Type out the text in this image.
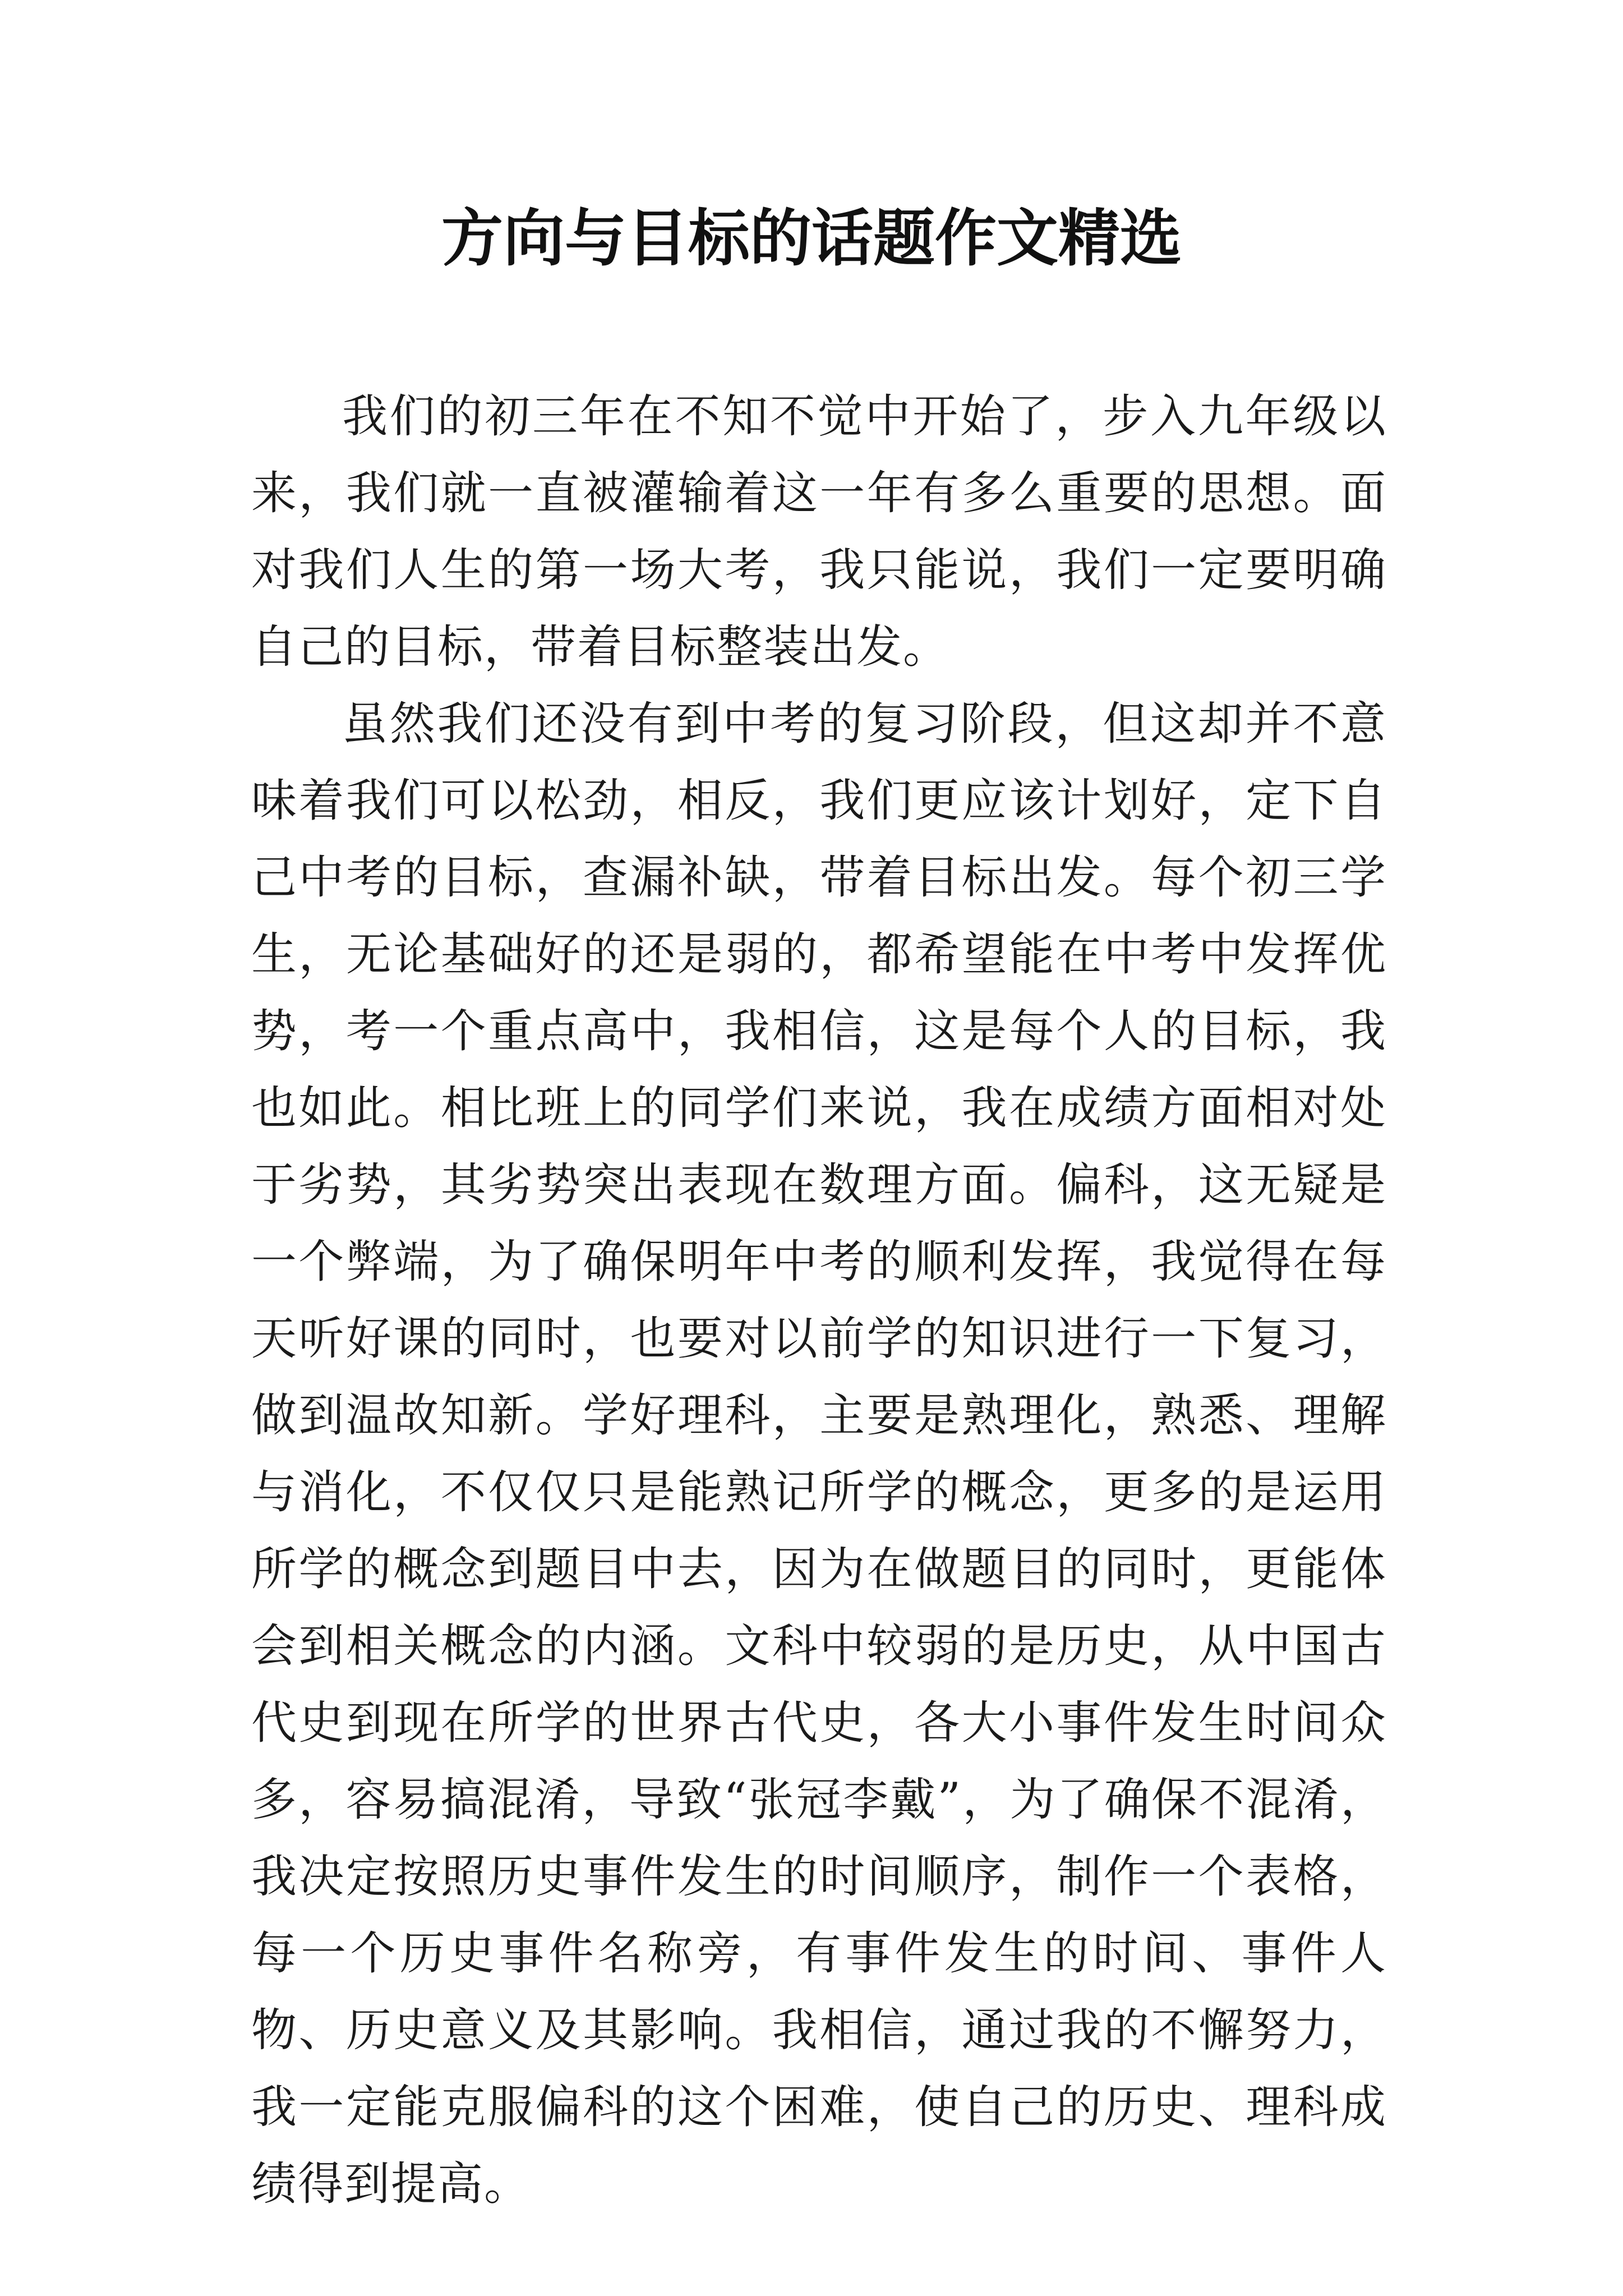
方向与目标的话题作文精选

我们的初三年在不知不觉中开始了，步入九年级以来，我们就一直被灌输着这一年有多么重要的思想。面对我们人生的第一场大考，我只能说，我们一定要明确自己的目标，带着目标整装出发。

虽然我们还没有到中考的复习阶段，但这却并不意味着我们可以松劲，相反，我们更应该计划好，定下自己中考的目标，查漏补缺，带着目标出发。每个初三学生，无论基础好的还是弱的，都希望能在中考中发挥优势，考一个重点高中，我相信，这是每个人的目标，我也如此。相比班上的同学们来说，我在成绩方面相对处于劣势，其劣势突出表现在数理方面。偏科，这无疑是一个弊端，为了确保明年中考的顺利发挥，我觉得在每天听好课的同时，也要对以前学的知识进行一下复习，做到温故知新。学好理科，主要是熟理化，熟悉、理解与消化，不仅仅只是能熟记所学的概念，更多的是运用所学的概念到题目中去，因为在做题目的同时，更能体会到相关概念的内涵。文科中较弱的是历史，从中国古代史到现在所学的世界古代史，各大小事件发生时间众多，容易搞混淆，导致“张冠李戴”，为了确保不混淆，我决定按照历史事件发生的时间顺序，制作一个表格，每一个历史事件名称旁，有事件发生的时间、事件人物、历史意义及其影响。我相信，通过我的不懈努力，我一定能克服偏科的这个困难，使自己的历史、理科成绩得到提高。
